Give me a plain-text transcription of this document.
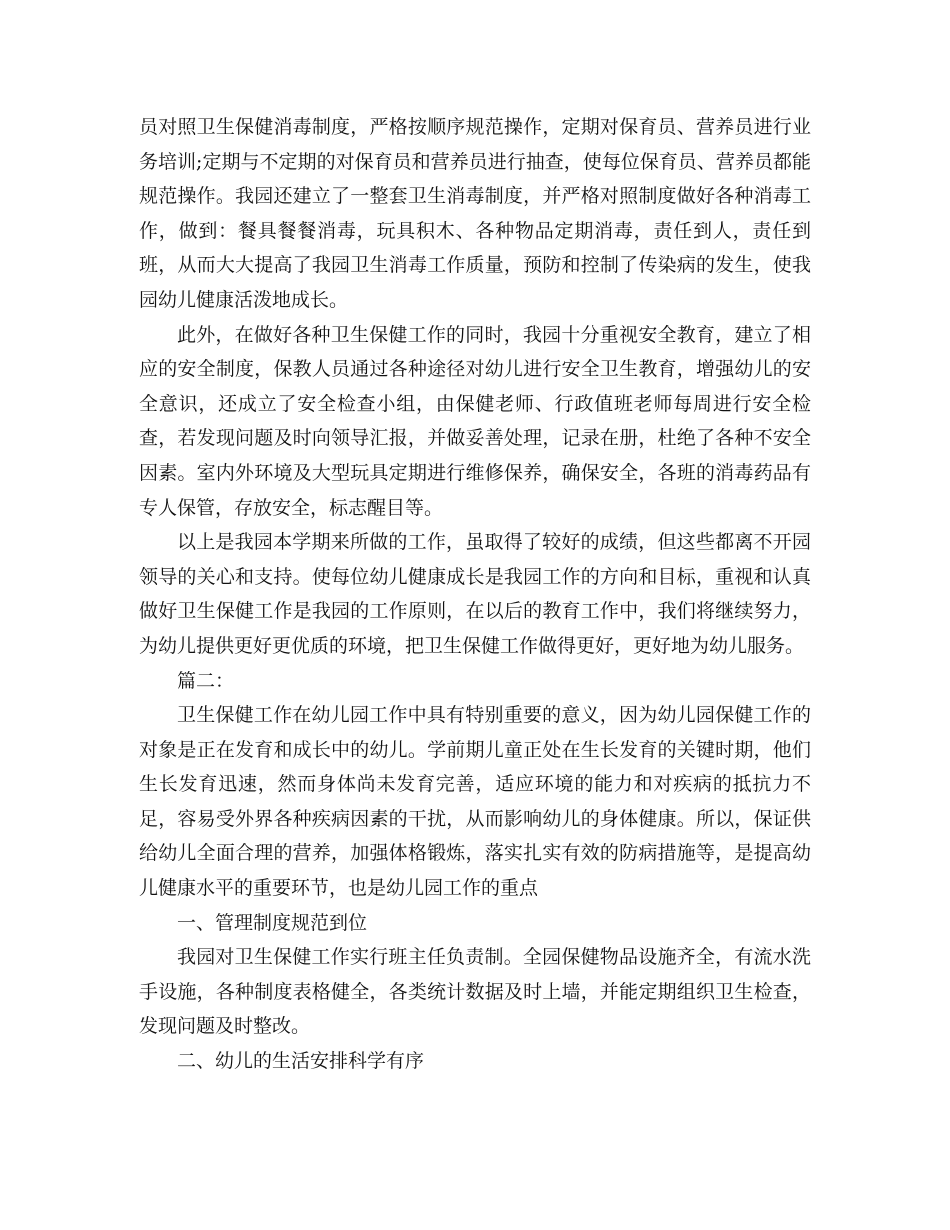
员对照卫生保健消毒制度，严格按顺序规范操作，定期对保育员、营养员进行业务培训;定期与不定期的对保育员和营养员进行抽查，使每位保育员、营养员都能规范操作。我园还建立了一整套卫生消毒制度，并严格对照制度做好各种消毒工作，做到：餐具餐餐消毒，玩具积木、各种物品定期消毒，责任到人，责任到班，从而大大提高了我园卫生消毒工作质量，预防和控制了传染病的发生，使我园幼儿健康活泼地成长。

此外，在做好各种卫生保健工作的同时，我园十分重视安全教育，建立了相应的安全制度，保教人员通过各种途径对幼儿进行安全卫生教育，增强幼儿的安全意识，还成立了安全检查小组，由保健老师、行政值班老师每周进行安全检查，若发现问题及时向领导汇报，并做妥善处理，记录在册，杜绝了各种不安全因素。室内外环境及大型玩具定期进行维修保养，确保安全，各班的消毒药品有专人保管，存放安全，标志醒目等。

以上是我园本学期来所做的工作，虽取得了较好的成绩，但这些都离不开园领导的关心和支持。使每位幼儿健康成长是我园工作的方向和目标，重视和认真做好卫生保健工作是我园的工作原则，在以后的教育工作中，我们将继续努力，为幼儿提供更好更优质的环境，把卫生保健工作做得更好，更好地为幼儿服务。

篇二：

卫生保健工作在幼儿园工作中具有特别重要的意义，因为幼儿园保健工作的对象是正在发育和成长中的幼儿。学前期儿童正处在生长发育的关键时期，他们生长发育迅速，然而身体尚未发育完善，适应环境的能力和对疾病的抵抗力不足，容易受外界各种疾病因素的干扰，从而影响幼儿的身体健康。所以，保证供给幼儿全面合理的营养，加强体格锻炼，落实扎实有效的防病措施等，是提高幼儿健康水平的重要环节，也是幼儿园工作的重点

一、管理制度规范到位

我园对卫生保健工作实行班主任负责制。全园保健物品设施齐全，有流水洗手设施，各种制度表格健全，各类统计数据及时上墙，并能定期组织卫生检查，发现问题及时整改。

二、幼儿的生活安排科学有序
